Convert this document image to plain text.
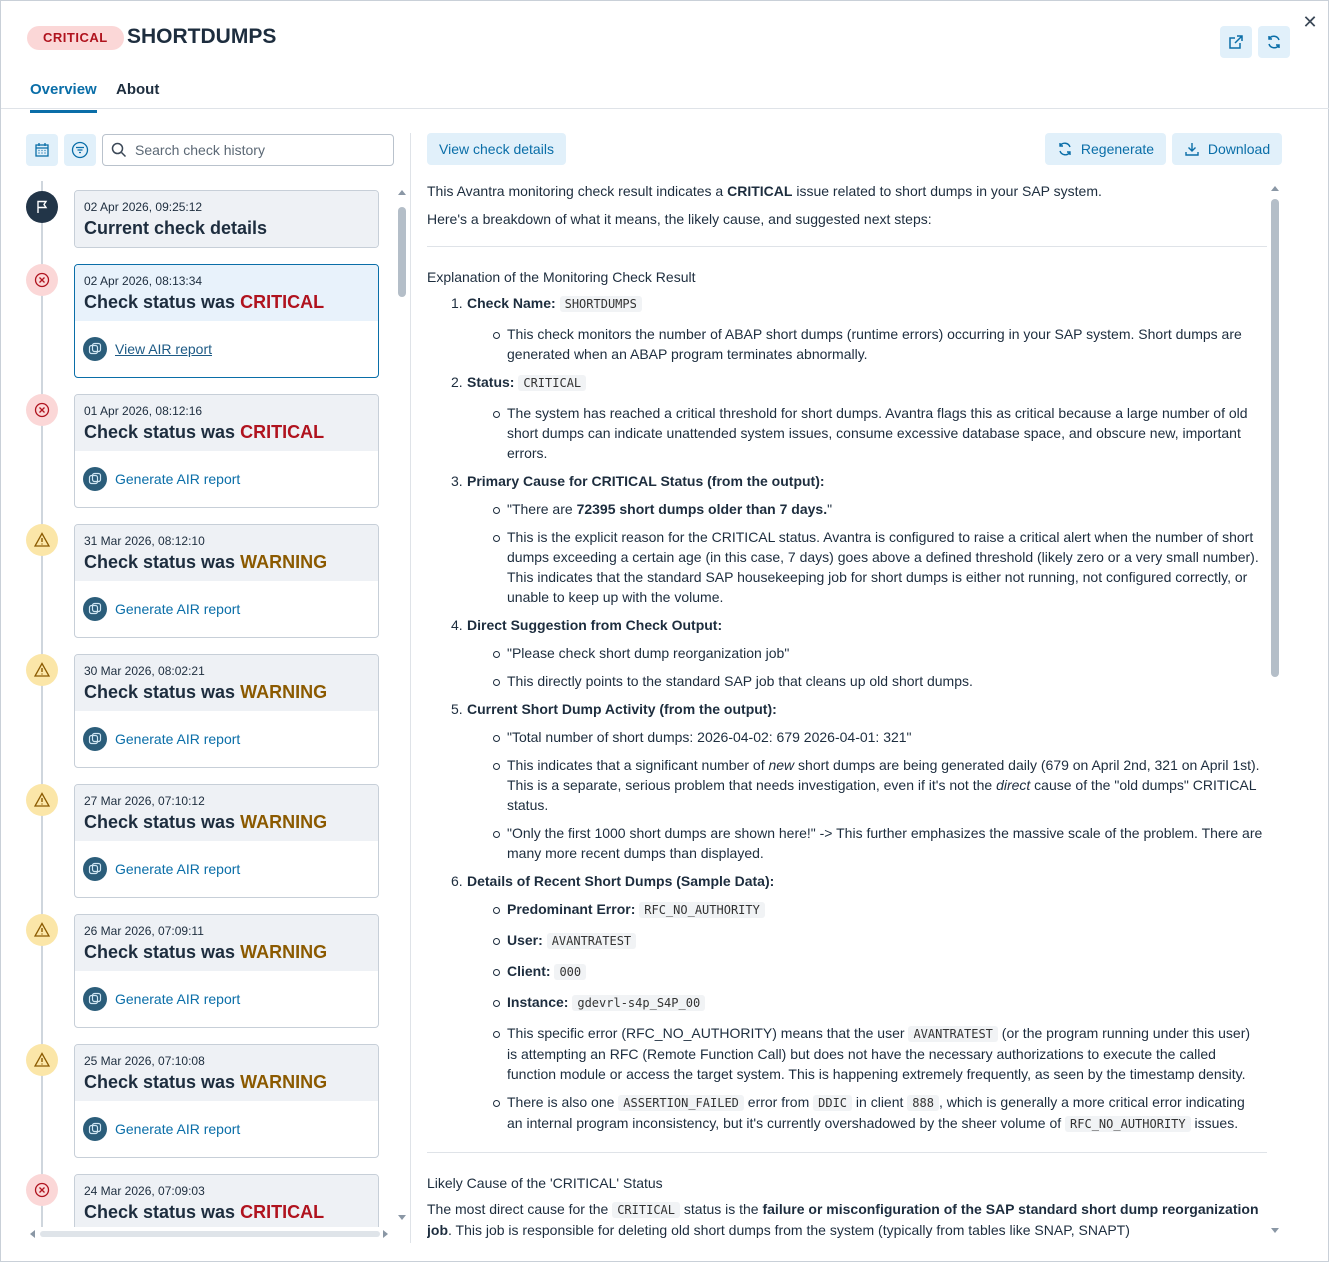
CRITICAL SHORTDUMPS
✕
Overview About
Search check history
02 Apr 2026, 09:25:12
Current check details
02 Apr 2026, 08:13:34
Check status was CRITICAL
View AIR report
01 Apr 2026, 08:12:16
Check status was CRITICAL
Generate AIR report
31 Mar 2026, 08:12:10
Check status was WARNING
Generate AIR report
30 Mar 2026, 08:02:21
Check status was WARNING
Generate AIR report
27 Mar 2026, 07:10:12
Check status was WARNING
Generate AIR report
26 Mar 2026, 07:09:11
Check status was WARNING
Generate AIR report
25 Mar 2026, 07:10:08
Check status was WARNING
Generate AIR report
24 Mar 2026, 07:09:03
Check status was CRITICAL
View check details	Regenerate	Download

This Avantra monitoring check result indicates a CRITICAL issue related to short dumps in your SAP system.

Here's a breakdown of what it means, the likely cause, and suggested next steps:

Explanation of the Monitoring Check Result

1. Check Name: SHORTDUMPS
This check monitors the number of ABAP short dumps (runtime errors) occurring in your SAP system. Short dumps are generated when an ABAP program terminates abnormally.
2. Status: CRITICAL
The system has reached a critical threshold for short dumps. Avantra flags this as critical because a large number of old short dumps can indicate unattended system issues, consume excessive database space, and obscure new, important errors.
3. Primary Cause for CRITICAL Status (from the output):
"There are 72395 short dumps older than 7 days."
This is the explicit reason for the CRITICAL status. Avantra is configured to raise a critical alert when the number of short dumps exceeding a certain age (in this case, 7 days) goes above a defined threshold (likely zero or a very small number). This indicates that the standard SAP housekeeping job for short dumps is either not running, not configured correctly, or unable to keep up with the volume.
4. Direct Suggestion from Check Output:
"Please check short dump reorganization job"
This directly points to the standard SAP job that cleans up old short dumps.
5. Current Short Dump Activity (from the output):
"Total number of short dumps: 2026-04-02: 679 2026-04-01: 321"
This indicates that a significant number of new short dumps are being generated daily (679 on April 2nd, 321 on April 1st). This is a separate, serious problem that needs investigation, even if it's not the direct cause of the "old dumps" CRITICAL status.
"Only the first 1000 short dumps are shown here!" -> This further emphasizes the massive scale of the problem. There are many more recent dumps than displayed.
6. Details of Recent Short Dumps (Sample Data):
Predominant Error: RFC_NO_AUTHORITY
User: AVANTRATEST
Client: 000
Instance: gdevrl-s4p_S4P_00
This specific error (RFC_NO_AUTHORITY) means that the user AVANTRATEST (or the program running under this user) is attempting an RFC (Remote Function Call) but does not have the necessary authorizations to execute the called function module or access the target system. This is happening extremely frequently, as seen by the timestamp density.
There is also one ASSERTION_FAILED error from DDIC in client 888 , which is generally a more critical error indicating an internal program inconsistency, but it's currently overshadowed by the sheer volume of RFC_NO_AUTHORITY issues.

Likely Cause of the 'CRITICAL' Status

The most direct cause for the CRITICAL status is the failure or misconfiguration of the SAP standard short dump reorganization job. This job is responsible for deleting old short dumps from the system (typically from tables like SNAP, SNAPT)
